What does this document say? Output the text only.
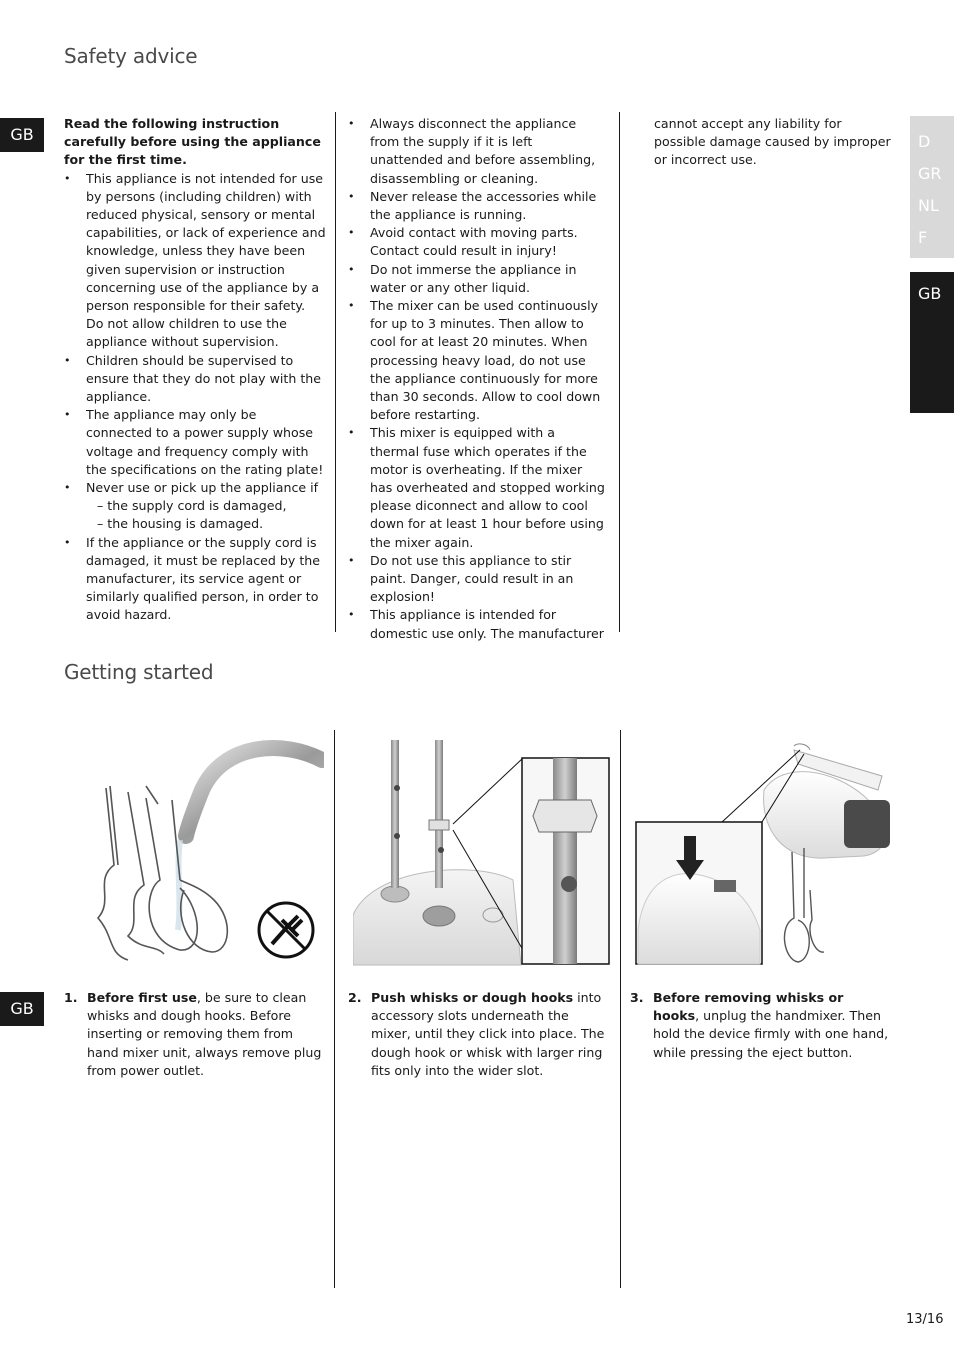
Safety advice
GB

Read the following instruction carefully before using the appliance for the first time.

•	This appliance is not intended for use by persons (including children) with reduced physical, sensory or mental capabilities, or lack of experience and knowledge, unless they have been given supervision or instruction concerning use of the appliance by a person responsible for their safety. Do not allow children to use the appliance without supervision.
•	Children should be supervised to ensure that they do not play with the appliance.
•	The appliance may only be connected to a power supply whose voltage and frequency comply with the specifications on the rating plate!
•	Never use or pick up the appliance if
– the supply cord is damaged,
– the housing is damaged.
•	If the appliance or the supply cord is damaged, it must be replaced by the manufacturer, its service agent or similarly qualified person, in order to avoid hazard.
•	Always disconnect the appliance from the supply if it is left unattended and before assembling, disassembling or cleaning.
•	Never release the accessories while the appliance is running.
•	Avoid contact with moving parts. Contact could result in injury!
•	Do not immerse the appliance in water or any other liquid.
•	The mixer can be used continuously for up to 3 minutes. Then allow to cool for at least 20 minutes. When processing heavy load, do not use the appliance continuously for more than 30 seconds. Allow to cool down before restarting.
•	This mixer is equipped with a thermal fuse which operates if the motor is overheating. If the mixer has overheated and stopped working please diconnect and allow to cool down for at least 1 hour before using the mixer again.
•	Do not use this appliance to stir paint. Danger, could result in an explosion!
•	This appliance is intended for domestic use only. The manufacturer

cannot accept any liability for possible damage caused by improper or incorrect use.

D
GR
NL
F
GB
Getting started
GB
1. Before first use, be sure to clean whisks and dough hooks. Before inserting or removing them from hand mixer unit, always remove plug from power outlet.
2. Push whisks or dough hooks into accessory slots underneath the mixer, until they click into place. The dough hook or whisk with larger ring fits only into the wider slot.
3. Before removing whisks or hooks, unplug the handmixer. Then hold the device firmly with one hand, while pressing the eject button.
13/16
